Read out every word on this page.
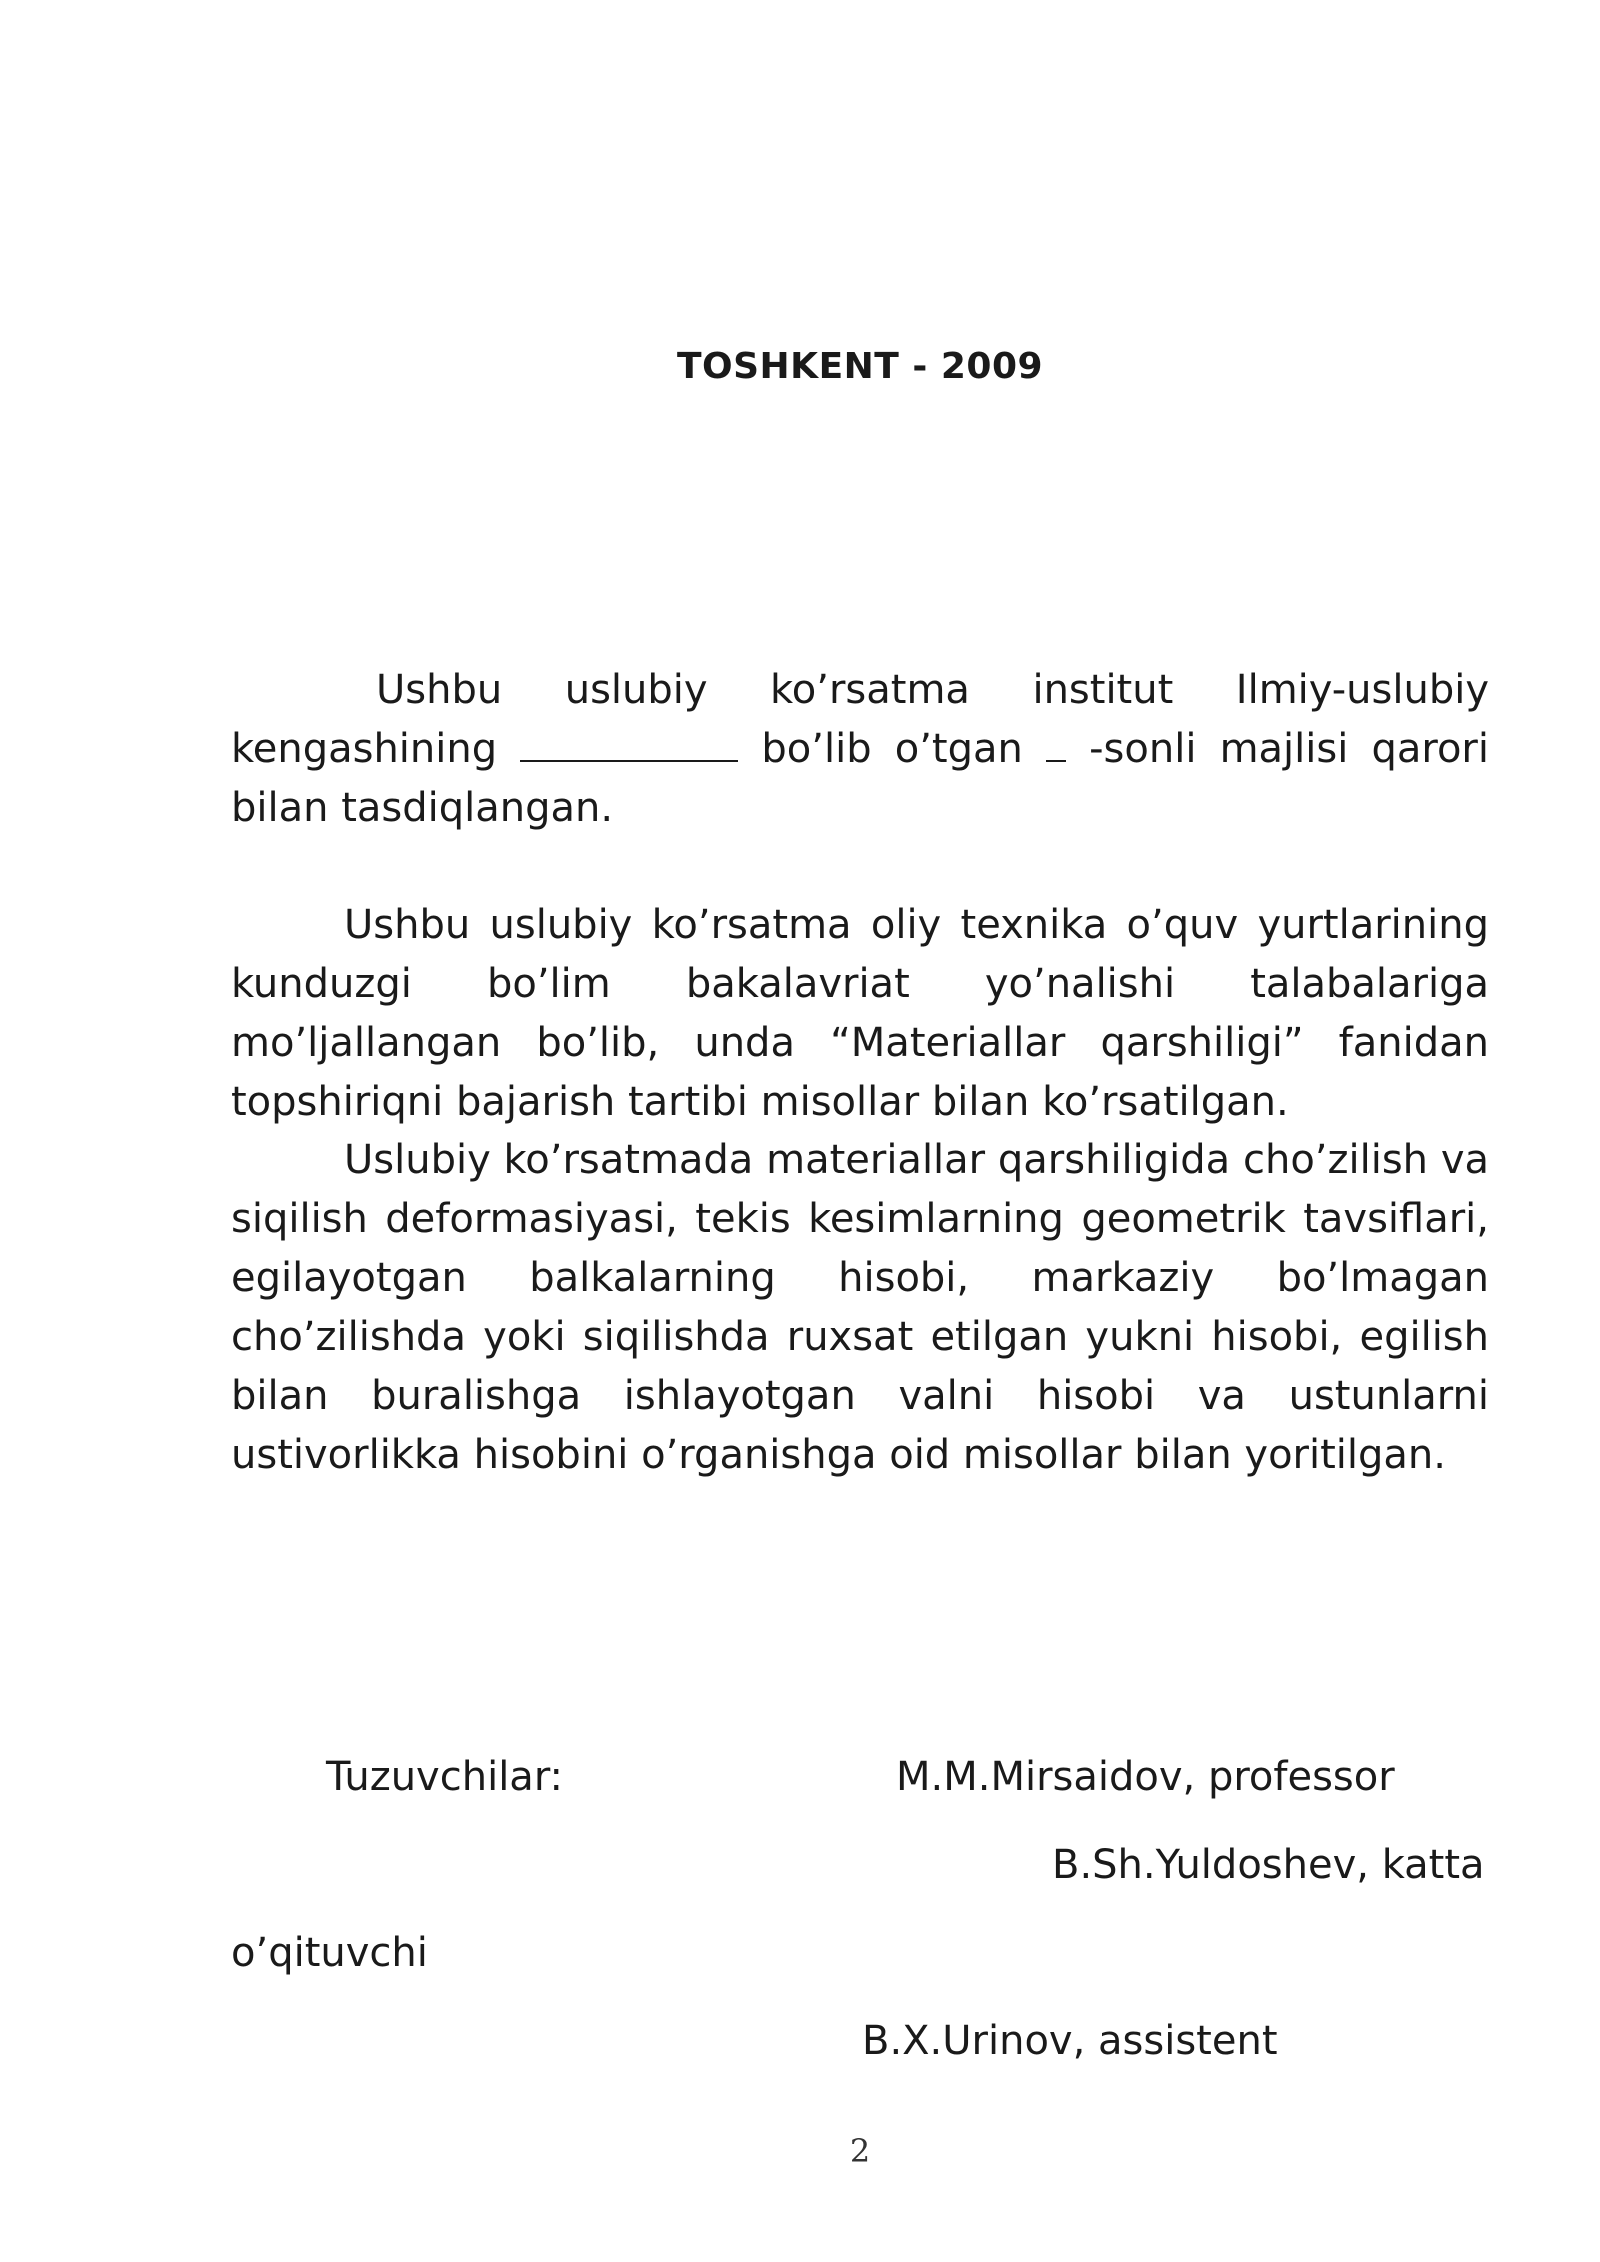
TOSHKENT - 2009

Ushbu uslubiy ko’rsatma institut Ilmiy-uslubiy kengashining	bo’lib o’tgan  -sonli majlisi qarori bilan tasdiqlangan.

Ushbu uslubiy ko’rsatma oliy texnika o’quv yurtlarining kunduzgi bo’lim bakalavriat yo’nalishi talabalariga mo’ljallangan bo’lib, unda “Materiallar qarshiligi” fanidan topshiriqni bajarish tartibi misollar bilan ko’rsatilgan.

Uslubiy ko’rsatmada materiallar qarshiligida cho’zilish va siqilish deformasiyasi, tekis kesimlarning geometrik tavsiflari, egilayotgan balkalarning hisobi, markaziy bo’lmagan cho’zilishda yoki siqilishda ruxsat etilgan yukni hisobi, egilish bilan buralishga ishlayotgan valni hisobi va ustunlarni ustivorlikka hisobini o’rganishga oid misollar bilan yoritilgan.

Tuzuvchilar:	M.M.Mirsaidov, professor
B.Sh.Yuldoshev, katta
o’qituvchi
B.X.Urinov, assistent
2
